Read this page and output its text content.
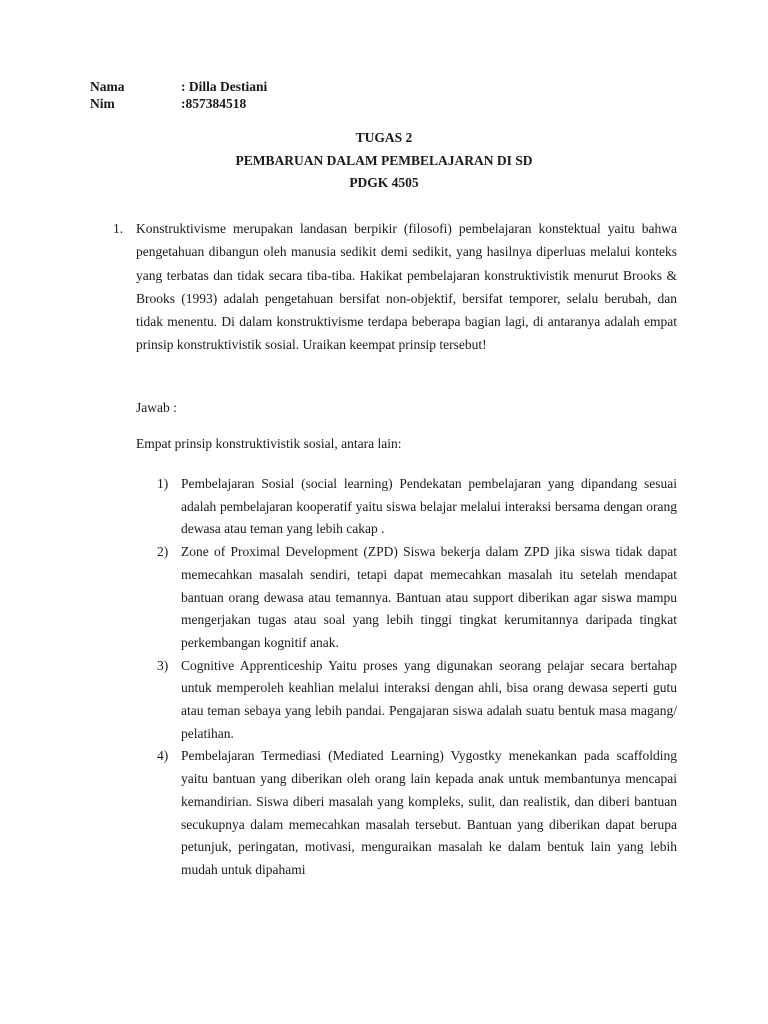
Nama	: Dilla Destiani
Nim	:857384518
TUGAS 2
PEMBARUAN DALAM PEMBELAJARAN DI SD
PDGK 4505
1. Konstruktivisme merupakan landasan berpikir (filosofi) pembelajaran konstektual yaitu bahwa pengetahuan dibangun oleh manusia sedikit demi sedikit, yang hasilnya diperluas melalui konteks yang terbatas dan tidak secara tiba-tiba. Hakikat pembelajaran konstruktivistik menurut Brooks & Brooks (1993) adalah pengetahuan bersifat non-objektif, bersifat temporer, selalu berubah, dan tidak menentu. Di dalam konstruktivisme terdapa beberapa bagian lagi, di antaranya adalah empat prinsip konstruktivistik sosial. Uraikan keempat prinsip tersebut!
Jawab :
Empat prinsip konstruktivistik sosial, antara lain:
1) Pembelajaran Sosial (social learning) Pendekatan pembelajaran yang dipandang sesuai adalah pembelajaran kooperatif yaitu siswa belajar melalui interaksi bersama dengan orang dewasa atau teman yang lebih cakap .
2) Zone of Proximal Development (ZPD) Siswa bekerja dalam ZPD jika siswa tidak dapat memecahkan masalah sendiri, tetapi dapat memecahkan masalah itu setelah mendapat bantuan orang dewasa atau temannya. Bantuan atau support diberikan agar siswa mampu mengerjakan tugas atau soal yang lebih tinggi tingkat kerumitannya daripada tingkat perkembangan kognitif anak.
3) Cognitive Apprenticeship Yaitu proses yang digunakan seorang pelajar secara bertahap untuk memperoleh keahlian melalui interaksi dengan ahli, bisa orang dewasa seperti gutu atau teman sebaya yang lebih pandai. Pengajaran siswa adalah suatu bentuk masa magang/ pelatihan.
4) Pembelajaran Termediasi (Mediated Learning) Vygostky menekankan pada scaffolding yaitu bantuan yang diberikan oleh orang lain kepada anak untuk membantunya mencapai kemandirian. Siswa diberi masalah yang kompleks, sulit, dan realistik, dan diberi bantuan secukupnya dalam memecahkan masalah tersebut. Bantuan yang diberikan dapat berupa petunjuk, peringatan, motivasi, menguraikan masalah ke dalam bentuk lain yang lebih mudah untuk dipahami
